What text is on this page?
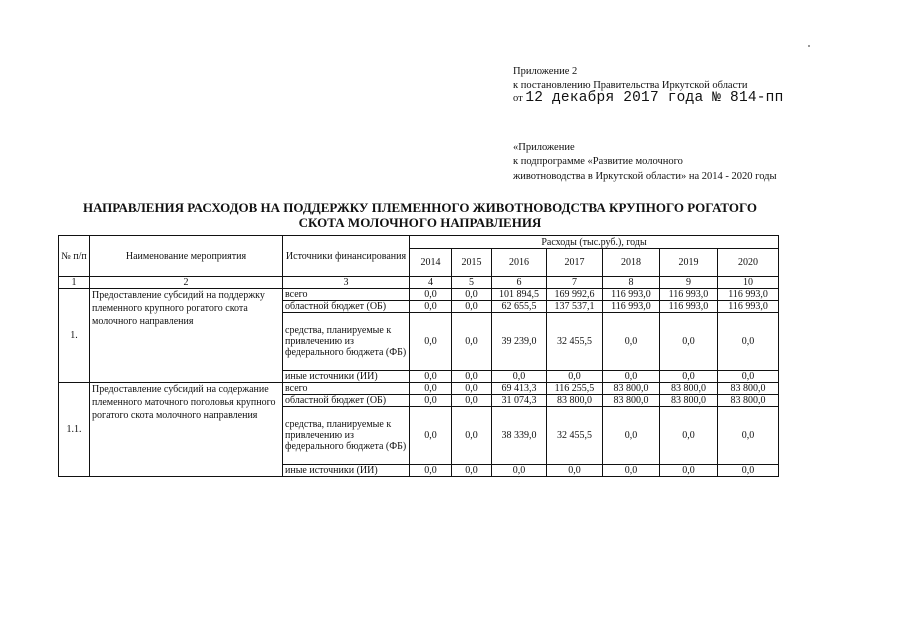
Приложение 2
к постановлению Правительства Иркутской области
от 12 декабря 2017 года № 814-пп
«Приложение
к подпрограмме «Развитие молочного
животноводства в Иркутской области» на 2014 - 2020 годы
НАПРАВЛЕНИЯ РАСХОДОВ НА ПОДДЕРЖКУ ПЛЕМЕННОГО ЖИВОТНОВОДСТВА КРУПНОГО РОГАТОГО СКОТА МОЛОЧНОГО НАПРАВЛЕНИЯ
№ п/п	Наименование мероприятия	Источники финансирования	Расходы (тыс.руб.), годы						
			2014	2015	2016	2017	2018	2019	2020
1	2	3	4	5	6	7	8	9	10
1.	Предоставление субсидий на поддержку племенного крупного рогатого скота молочного направления	всего	0,0	0,0	101 894,5	169 992,6	116 993,0	116 993,0	116 993,0
		областной бюджет (ОБ)	0,0	0,0	62 655,5	137 537,1	116 993,0	116 993,0	116 993,0
		средства, планируемые к привлечению из федерального бюджета (ФБ)	0,0	0,0	39 239,0	32 455,5	0,0	0,0	0,0
		иные источники (ИИ)	0,0	0,0	0,0	0,0	0,0	0,0	0,0
1.1.	Предоставление субсидий на содержание племенного маточного поголовья крупного рогатого скота молочного направления	всего	0,0	0,0	69 413,3	116 255,5	83 800,0	83 800,0	83 800,0
		областной бюджет (ОБ)	0,0	0,0	31 074,3	83 800,0	83 800,0	83 800,0	83 800,0
		средства, планируемые к привлечению из федерального бюджета (ФБ)	0,0	0,0	38 339,0	32 455,5	0,0	0,0	0,0
		иные источники (ИИ)	0,0	0,0	0,0	0,0	0,0	0,0	0,0
